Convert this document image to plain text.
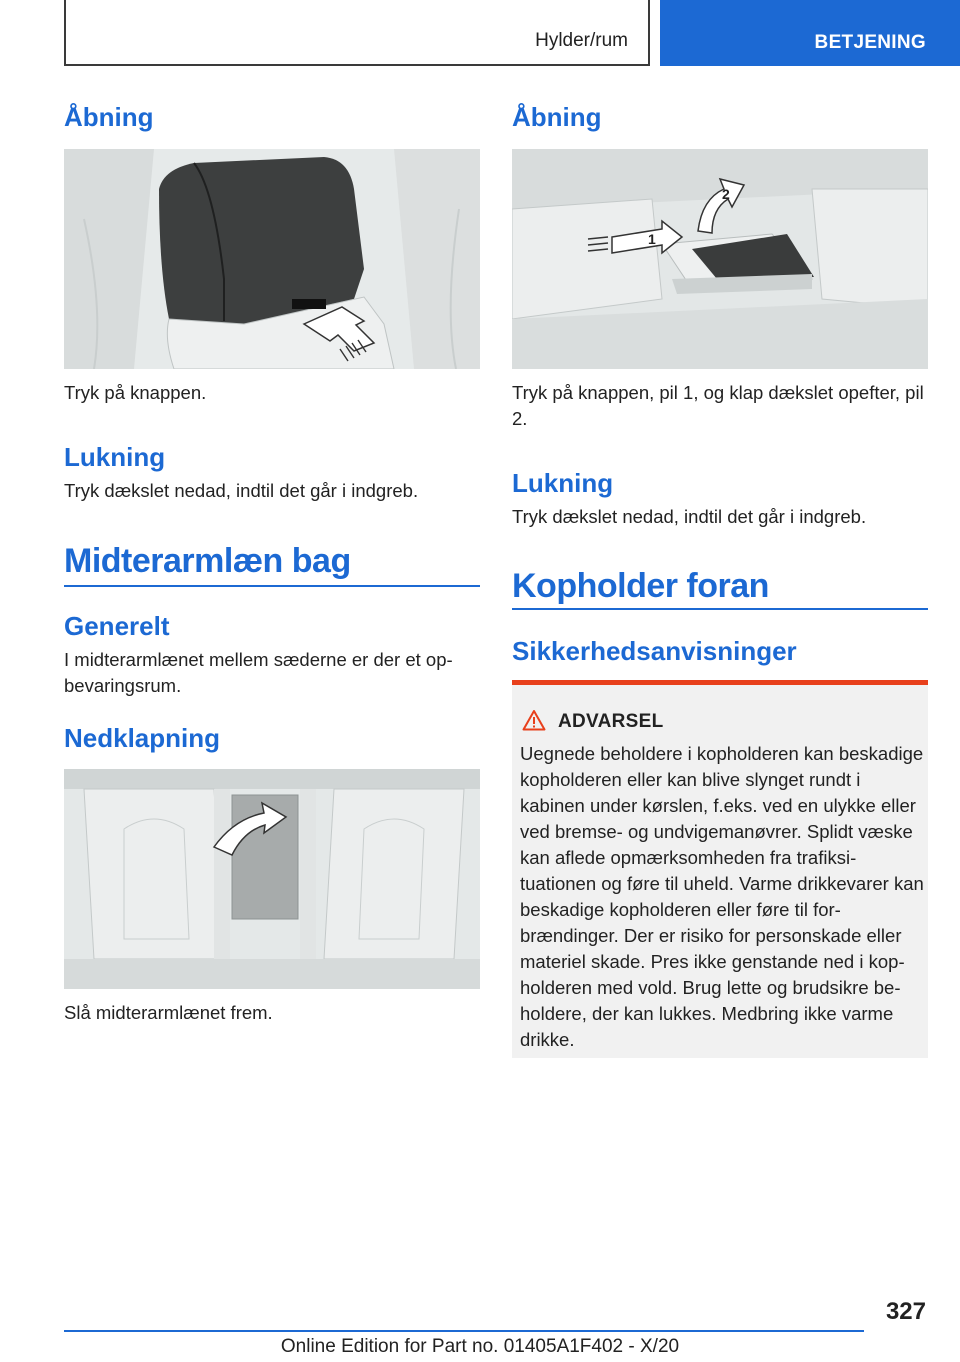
Hylder/rum	BETJENING
Åbning
Tryk på knappen.
Lukning
Tryk dækslet nedad, indtil det går i indgreb.
Midterarmlæn bag
Generelt
I midterarmlænet mellem sæderne er der et opbevaringsrum.
Nedklapning
Slå midterarmlænet frem.
Åbning
1
2
Tryk på knappen, pil 1, og klap dækslet opefter, pil 2.
Lukning
Tryk dækslet nedad, indtil det går i indgreb.
Kopholder foran
Sikkerhedsanvisninger
ADVARSEL
Uegnede beholdere i kopholderen kan beskadige kopholderen eller kan blive slynget rundt i kabinen under kørslen, f.eks. ved en ulykke eller ved bremse- og undvigemanøvrer. Splidt væske kan aflede opmærksomheden fra trafiksituationen og føre til uheld. Varme drikkevarer kan beskadige kopholderen eller føre til forbrændinger. Der er risiko for personskade eller materiel skade. Pres ikke genstande ned i kopholderen med vold. Brug lette og brudsikre beholdere, der kan lukkes. Medbring ikke varme drikke.
327
Online Edition for Part no. 01405A1F402 - X/20
